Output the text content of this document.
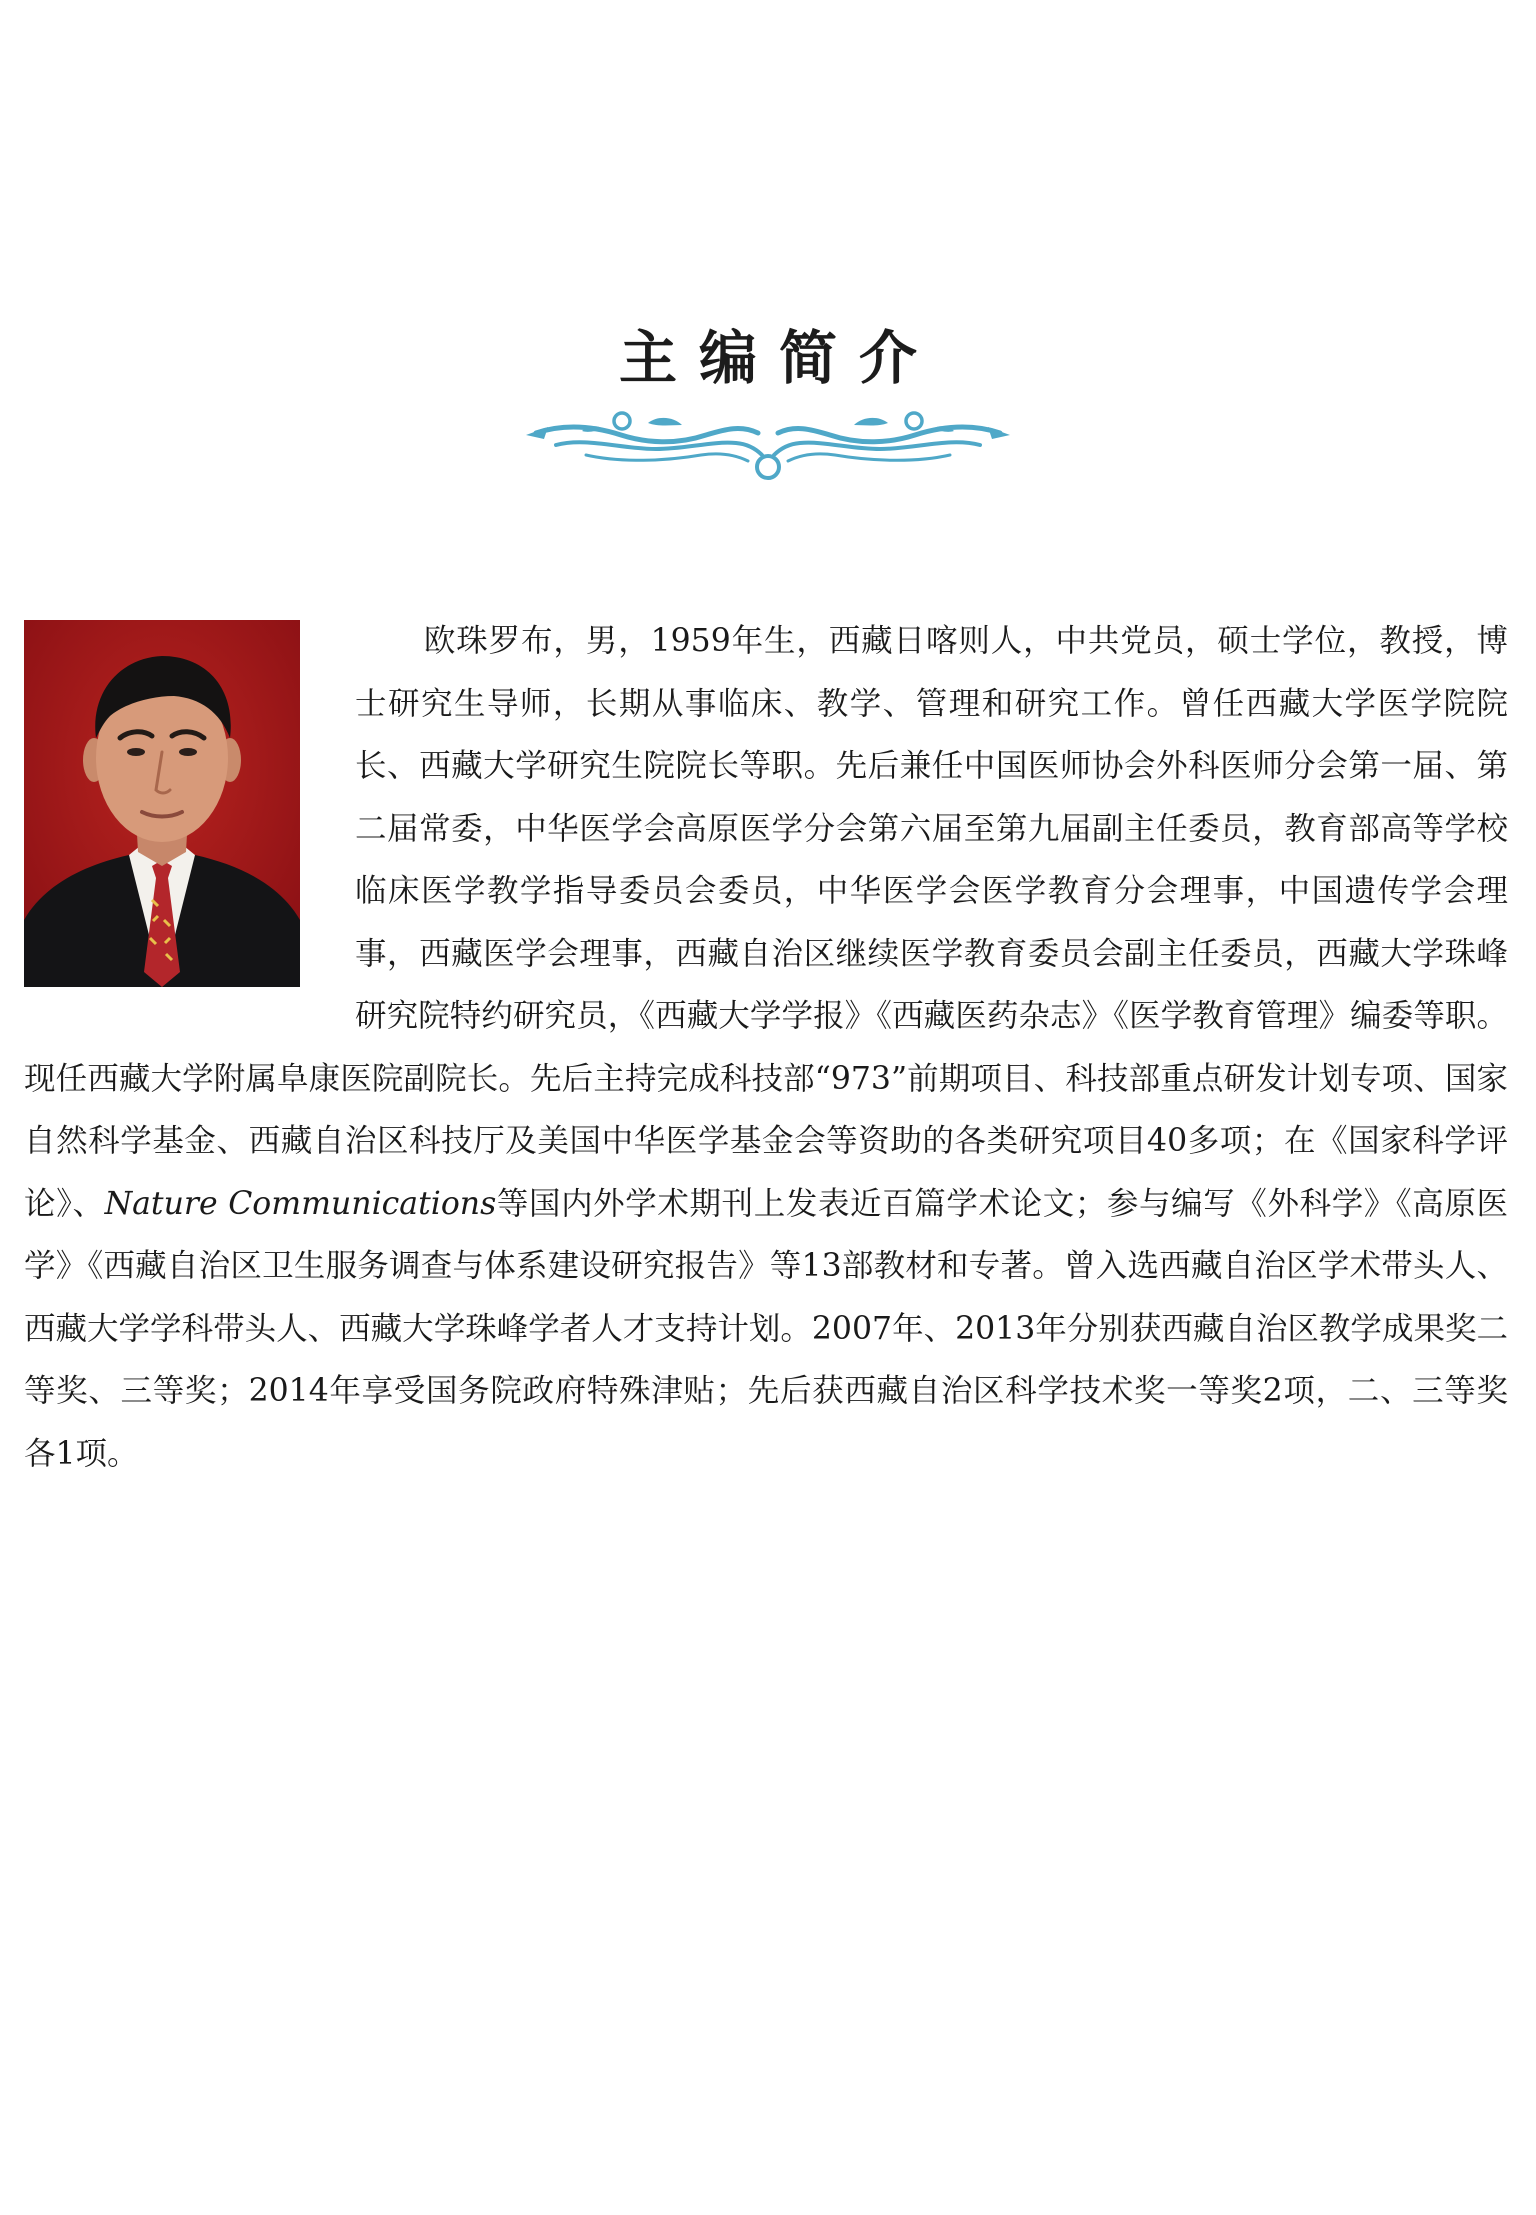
主编简介

欧珠罗布，男，1959年生，西藏日喀则人，中共党员，硕士学位，教授，博士研究生导师，长期从事临床、教学、管理和研究工作。曾任西藏大学医学院院长、西藏大学研究生院院长等职。先后兼任中国医师协会外科医师分会第一届、第二届常委，中华医学会高原医学分会第六届至第九届副主任委员，教育部高等学校临床医学教学指导委员会委员，中华医学会医学教育分会理事，中国遗传学会理事，西藏医学会理事，西藏自治区继续医学教育委员会副主任委员，西藏大学珠峰研究院特约研究员，《西藏大学学报》《西藏医药杂志》《医学教育管理》编委等职。现任西藏大学附属阜康医院副院长。先后主持完成科技部“973”前期项目、科技部重点研发计划专项、国家自然科学基金、西藏自治区科技厅及美国中华医学基金会等资助的各类研究项目40多项；在《国家科学评论》、Nature Communications等国内外学术期刊上发表近百篇学术论文；参与编写《外科学》《高原医学》《西藏自治区卫生服务调查与体系建设研究报告》等13部教材和专著。曾入选西藏自治区学术带头人、西藏大学学科带头人、西藏大学珠峰学者人才支持计划。2007年、2013年分别获西藏自治区教学成果奖二等奖、三等奖；2014年享受国务院政府特殊津贴；先后获西藏自治区科学技术奖一等奖2项，二、三等奖各1项。
